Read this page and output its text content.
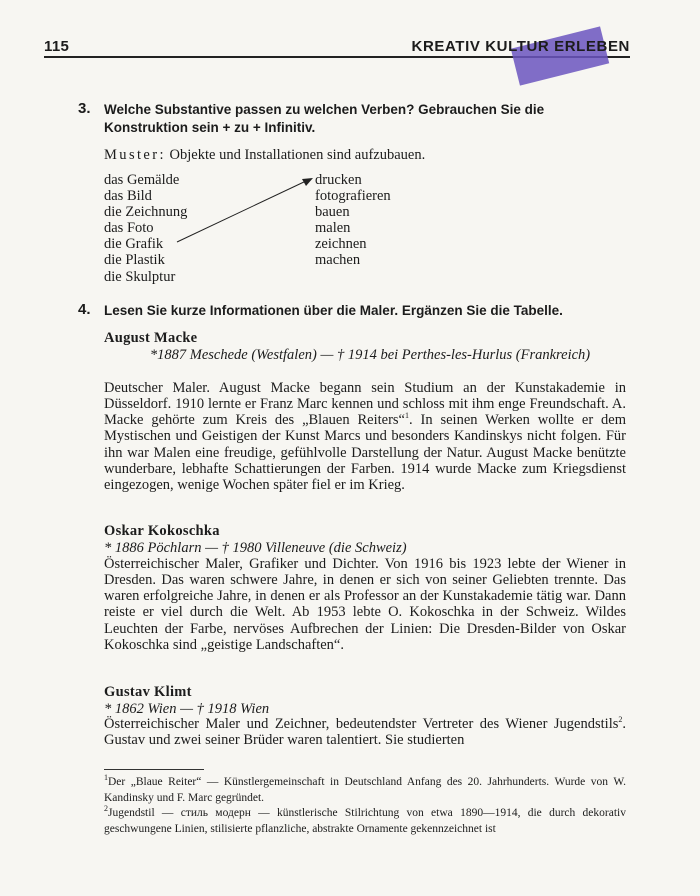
115	KREATIV KULTUR ERLEBEN
3. Welche Substantive passen zu welchen Verben? Gebrauchen Sie die Konstruktion sein + zu + Infinitiv.
Muster: Objekte und Installationen sind aufzubauen.
das Gemälde
das Bild
die Zeichnung
das Foto
die Grafik
die Plastik
die Skulptur
drucken
fotografieren
bauen
malen
zeichnen
machen
4. Lesen Sie kurze Informationen über die Maler. Ergänzen Sie die Tabelle.
August Macke
*1887 Meschede (Westfalen) — † 1914 bei Perthes-les-Hurlus (Frankreich)
Deutscher Maler. August Macke begann sein Studium an der Kunstakademie in Düsseldorf. 1910 lernte er Franz Marc kennen und schloss mit ihm enge Freundschaft. A. Macke gehörte zum Kreis des „Blauen Reiters“$^1$. In seinen Werken wollte er dem Mystischen und Geistigen der Kunst Marcs und besonders Kandinskys nicht folgen. Für ihn war Malen eine freudige, gefühlvolle Darstellung der Natur. August Macke benützte wunderbare, lebhafte Schattierungen der Farben. 1914 wurde Macke zum Kriegsdienst eingezogen, wenige Wochen später fiel er im Krieg.
Oskar Kokoschka
* 1886 Pöchlarn — † 1980 Villeneuve (die Schweiz)
Österreichischer Maler, Grafiker und Dichter. Von 1916 bis 1923 lebte der Wiener in Dresden. Das waren schwere Jahre, in denen er sich von seiner Geliebten trennte. Das waren erfolgreiche Jahre, in denen er als Professor an der Kunstakademie tätig war. Dann reiste er viel durch die Welt. Ab 1953 lebte O. Kokoschka in der Schweiz. Wildes Leuchten der Farbe, nervöses Aufbrechen der Linien: Die Dresden-Bilder von Oskar Kokoschka sind „geistige Landschaften“.
Gustav Klimt
* 1862 Wien — † 1918 Wien
Österreichischer Maler und Zeichner, bedeutendster Vertreter des Wiener Jugendstils$^2$. Gustav und zwei seiner Brüder waren talentiert. Sie studierten
$^1$Der „Blaue Reiter“ — Künstlergemeinschaft in Deutschland Anfang des 20. Jahrhunderts. Wurde von W. Kandinsky und F. Marc gegründet.
$^2$Jugendstil — стиль модерн — künstlerische Stilrichtung von etwa 1890—1914, die durch dekorativ geschwungene Linien, stilisierte pflanzliche, abstrakte Ornamente gekennzeichnet ist
